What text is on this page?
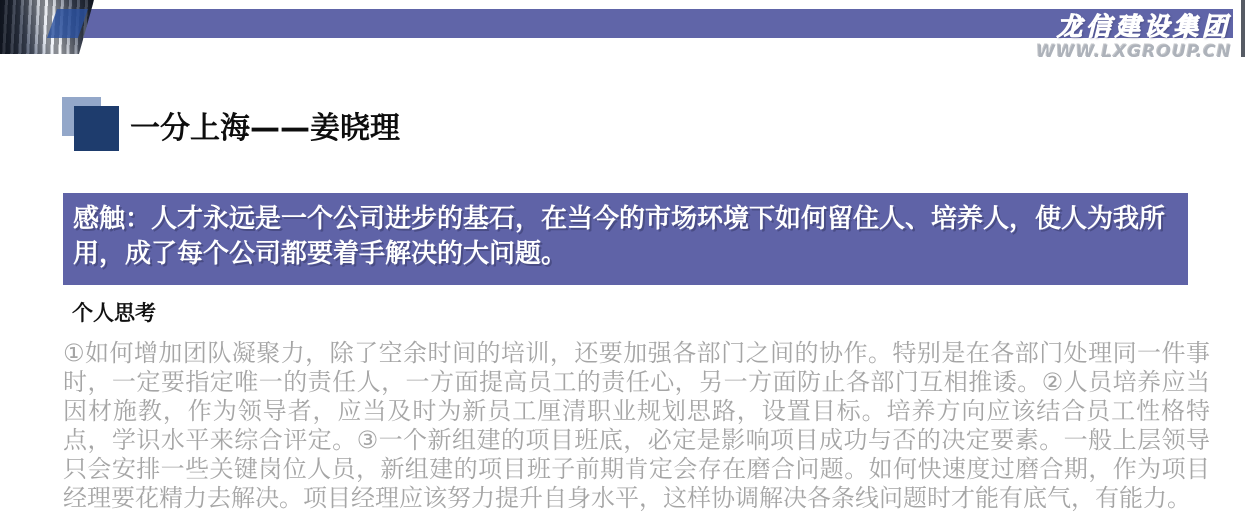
龙信建设集团
WWW.LXGROUP.CN
一分上海——姜晓理
感触：人才永远是一个公司进步的基石，在当今的市场环境下如何留住人、培养人，使人为我所用，成了每个公司都要着手解决的大问题。
个人思考

①如何增加团队凝聚力，除了空余时间的培训，还要加强各部门之间的协作。特别是在各部门处理同一件事时，一定要指定唯一的责任人，一方面提高员工的责任心，另一方面防止各部门互相推诿。②人员培养应当因材施教，作为领导者，应当及时为新员工厘清职业规划思路，设置目标。培养方向应该结合员工性格特点，学识水平来综合评定。③一个新组建的项目班底，必定是影响项目成功与否的决定要素。一般上层领导只会安排一些关键岗位人员，新组建的项目班子前期肯定会存在磨合问题。如何快速度过磨合期，作为项目经理要花精力去解决。项目经理应该努力提升自身水平，这样协调解决各条线问题时才能有底气，有能力。
